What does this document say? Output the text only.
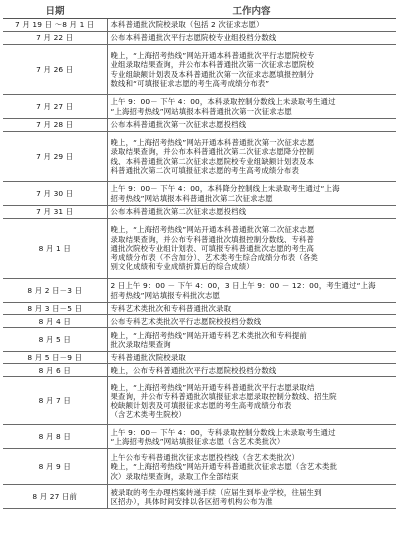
日期	工作内容

7 月 19 日 ～8 月 1 日	本科普通批次院校录取（包括 2 次征求志愿）

7 月 22 日	公布本科普通批次平行志愿院校专业组投档分数线

7 月 26 日	晚上，“上海招考热线”网站开通本科普通批次平行志愿院校专
业组录取结果查询，并公布本科普通批次第一次征求志愿院校
专业组缺额计划表及本科普通批次第一次征求志愿填报控制分
数线和“可填报征求志愿的考生高考成绩分布表”

7 月 27 日	上午 9：00－ 下午 4：00，本科录取控制分数线上未录取考生通过
“上海招考热线”网站填报本科普通批次第一次征求志愿

7 月 28 日	公布本科普通批次第一次征求志愿投档线

7 月 29 日	晚上，“上海招考热线”网站开通本科普通批次第一次征求志愿
录取结果查询，并公布本科普通批次第二次征求志愿降分控制
线、本科普通批次第二次征求志愿院校专业组缺额计划表及本
科普通批次第二次可填报征求志愿的考生高考成绩分布表

7 月 30 日	上午 9：00－ 下午 4：00，本科降分控制线上未录取考生通过“上海
招考热线”网站填报本科普通批次第二次征求志愿

7 月 31 日	公布本科普通批次第二次征求志愿投档线

8 月 1 日	晚上，“上海招考热线”网站开通本科普通批次第二次征求志愿
录取结果查询，并公布专科普通批次填报控制分数线、专科普
通批次院校专业组计划表、可填报专科普通批次志愿的考生高
考成绩分布表（不含加分）、艺术类考生综合成绩分布表（各类
别文化成绩和专业成绩折算后的综合成绩）

8 月 2 日－3 日	2 日上午 9：00 － 下午 4：00，3 日上午 9：00 － 12：00，考生通过“上海
招考热线”网站填报专科批次志愿

8 月 3 日－5 日	专科艺术类批次和专科普通批次录取

8 月 4 日	公布专科艺术类批次平行志愿院校投档分数线

8 月 5 日	晚上，“上海招考热线”网站开通专科艺术类批次和专科提前
批次录取结果查询

8 月 5 日－9 日	专科普通批次院校录取

8 月 6 日	晚上，公布专科普通批次平行志愿院校投档分数线

8 月 7 日	晚上，“上海招考热线”网站开通专科普通批次平行志愿录取结
果查询，并公布专科普通批次填报征求志愿录取控制分数线、招生院
校缺额计划表及可填报征求志愿的考生高考成绩分布表
（含艺术类考生院校）

8 月 8 日	上午 9：00－ 下午 4：00，专科录取控制分数线上未录取考生通过
“上海招考热线”网站填报征求志愿（含艺术类批次）

8 月 9 日	上午公布专科普通批次征求志愿投档线（含艺术类批次）
晚上，“上海招考热线”网站开通专科普通批次征求志愿（含艺术类批
次）录取结果查询，录取工作全部结束

8 月 27 日前	被录取的考生办理档案转递手续（应届生到毕业学校，往届生到
区招办），具体时间安排以各区招考机构公布为准
